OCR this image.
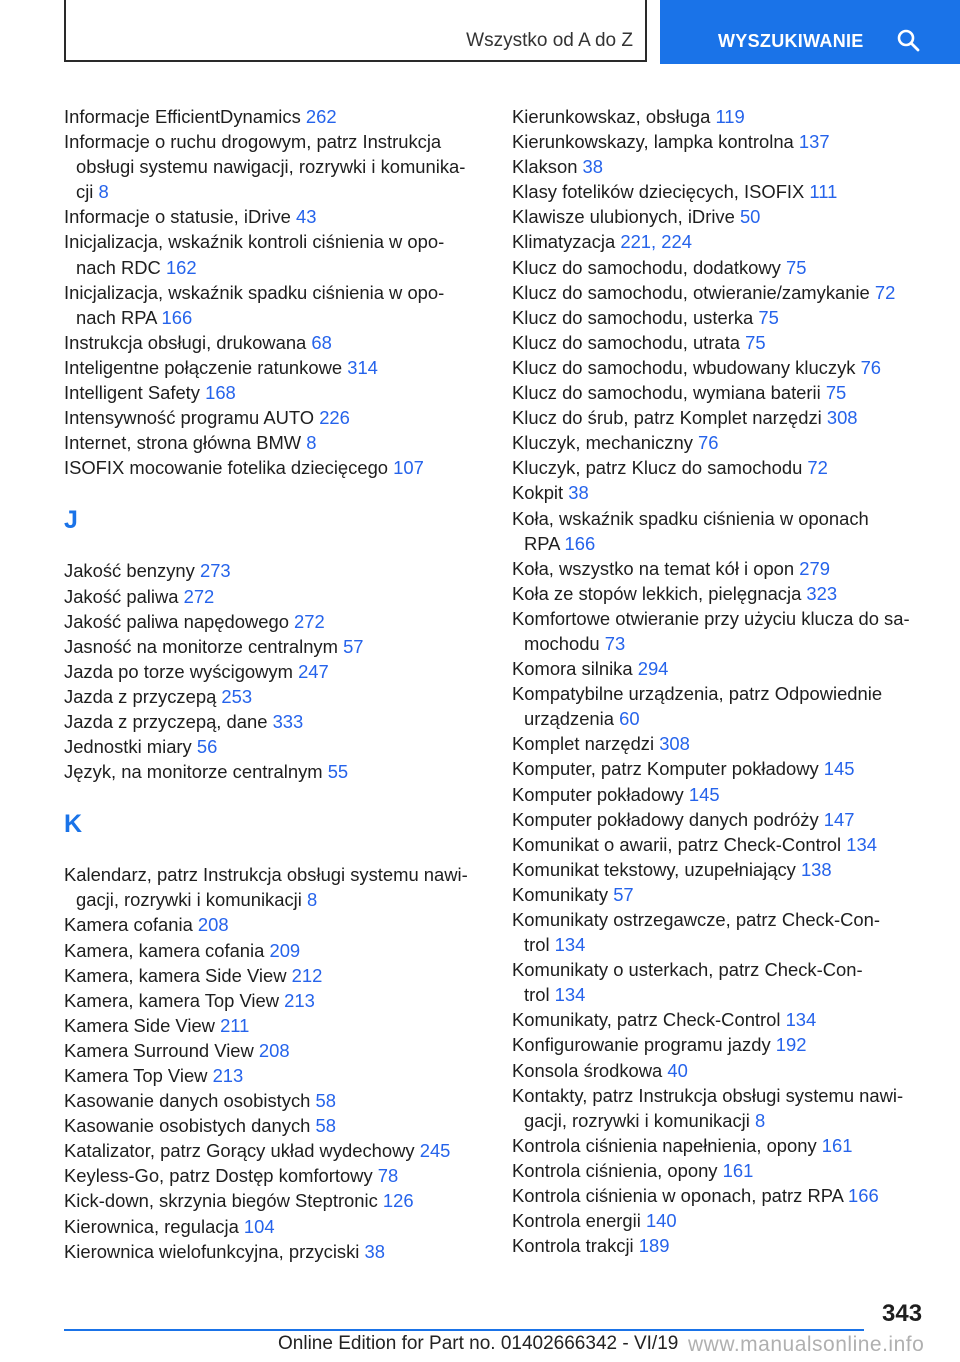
Wszystko od A do Z	WYSZUKIWANIE
Informacje EfficientDynamics 262
Informacje o ruchu drogowym, patrz Instrukcja
obsługi systemu nawigacji, rozrywki i komunika-
cji 8
Informacje o statusie, iDrive 43
Inicjalizacja, wskaźnik kontroli ciśnienia w opo-
nach RDC 162
Inicjalizacja, wskaźnik spadku ciśnienia w opo-
nach RPA 166
Instrukcja obsługi, drukowana 68
Inteligentne połączenie ratunkowe 314
Intelligent Safety 168
Intensywność programu AUTO 226
Internet, strona główna BMW 8
ISOFIX mocowanie fotelika dziecięcego 107
J
Jakość benzyny 273
Jakość paliwa 272
Jakość paliwa napędowego 272
Jasność na monitorze centralnym 57
Jazda po torze wyścigowym 247
Jazda z przyczepą 253
Jazda z przyczepą, dane 333
Jednostki miary 56
Język, na monitorze centralnym 55
K
Kalendarz, patrz Instrukcja obsługi systemu nawi-
gacji, rozrywki i komunikacji 8
Kamera cofania 208
Kamera, kamera cofania 209
Kamera, kamera Side View 212
Kamera, kamera Top View 213
Kamera Side View 211
Kamera Surround View 208
Kamera Top View 213
Kasowanie danych osobistych 58
Kasowanie osobistych danych 58
Katalizator, patrz Gorący układ wydechowy 245
Keyless-Go, patrz Dostęp komfortowy 78
Kick-down, skrzynia biegów Steptronic 126
Kierownica, regulacja 104
Kierownica wielofunkcyjna, przyciski 38
Kierunkowskaz, obsługa 119
Kierunkowskazy, lampka kontrolna 137
Klakson 38
Klasy fotelików dziecięcych, ISOFIX 111
Klawisze ulubionych, iDrive 50
Klimatyzacja 221, 224
Klucz do samochodu, dodatkowy 75
Klucz do samochodu, otwieranie/zamykanie 72
Klucz do samochodu, usterka 75
Klucz do samochodu, utrata 75
Klucz do samochodu, wbudowany kluczyk 76
Klucz do samochodu, wymiana baterii 75
Klucz do śrub, patrz Komplet narzędzi 308
Kluczyk, mechaniczny 76
Kluczyk, patrz Klucz do samochodu 72
Kokpit 38
Koła, wskaźnik spadku ciśnienia w oponach
RPA 166
Koła, wszystko na temat kół i opon 279
Koła ze stopów lekkich, pielęgnacja 323
Komfortowe otwieranie przy użyciu klucza do sa-
mochodu 73
Komora silnika 294
Kompatybilne urządzenia, patrz Odpowiednie
urządzenia 60
Komplet narzędzi 308
Komputer, patrz Komputer pokładowy 145
Komputer pokładowy 145
Komputer pokładowy danych podróży 147
Komunikat o awarii, patrz Check-Control 134
Komunikat tekstowy, uzupełniający 138
Komunikaty 57
Komunikaty ostrzegawcze, patrz Check-Con-
trol 134
Komunikaty o usterkach, patrz Check-Con-
trol 134
Komunikaty, patrz Check-Control 134
Konfigurowanie programu jazdy 192
Konsola środkowa 40
Kontakty, patrz Instrukcja obsługi systemu nawi-
gacji, rozrywki i komunikacji 8
Kontrola ciśnienia napełnienia, opony 161
Kontrola ciśnienia, opony 161
Kontrola ciśnienia w oponach, patrz RPA 166
Kontrola energii 140
Kontrola trakcji 189
343
Online Edition for Part no. 01402666342 - VI/19 www.manualsonline.info
